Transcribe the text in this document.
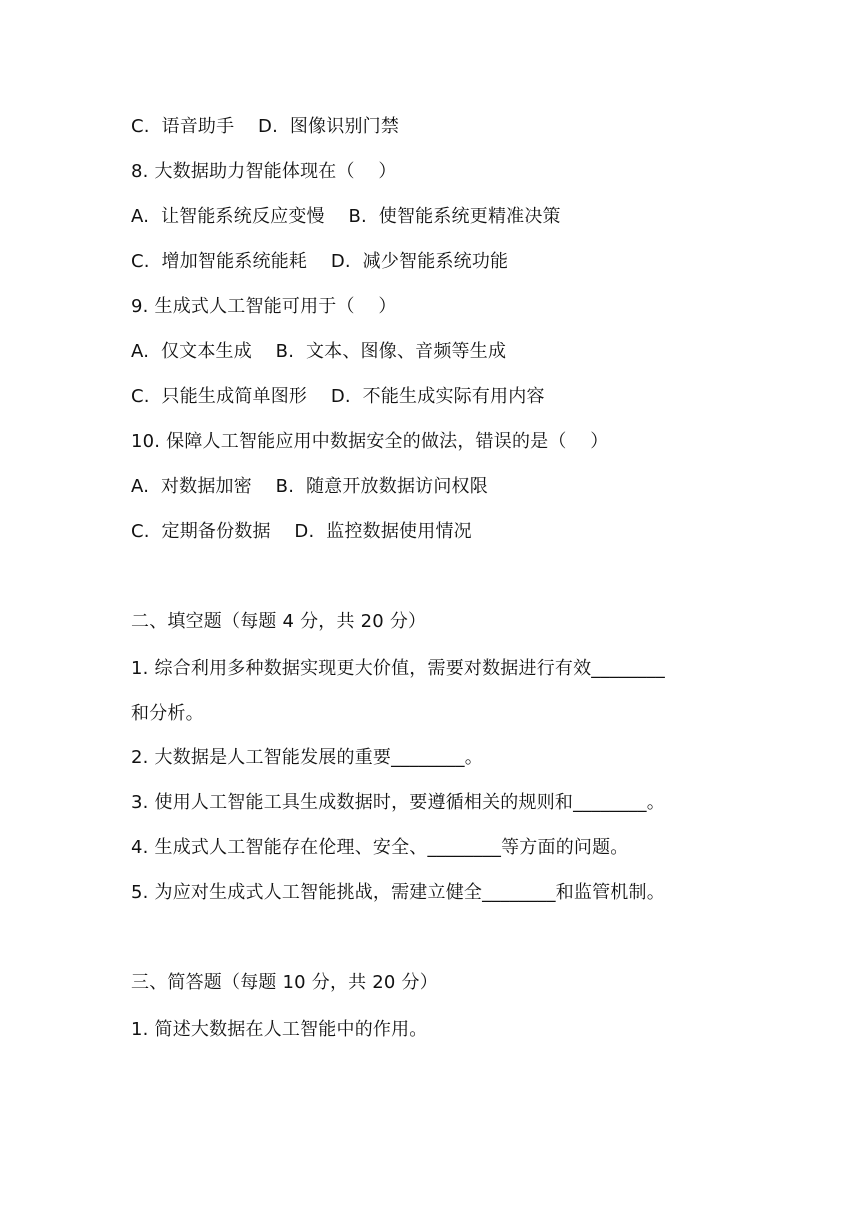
C.  语音助手    D.  图像识别门禁
8. 大数据助力智能体现在（    ）
A.  让智能系统反应变慢    B.  使智能系统更精准决策
C.  增加智能系统能耗    D.  减少智能系统功能
9. 生成式人工智能可用于（    ）
A.  仅文本生成    B.  文本、图像、音频等生成
C.  只能生成简单图形    D.  不能生成实际有用内容
10. 保障人工智能应用中数据安全的做法，错误的是（    ）
A.  对数据加密    B.  随意开放数据访问权限
C.  定期备份数据    D.  监控数据使用情况
二、填空题（每题 4 分，共 20 分）
1. 综合利用多种数据实现更大价值，需要对数据进行有效________
和分析。
2. 大数据是人工智能发展的重要________。
3. 使用人工智能工具生成数据时，要遵循相关的规则和________。
4. 生成式人工智能存在伦理、安全、________等方面的问题。
5. 为应对生成式人工智能挑战，需建立健全________和监管机制。
三、简答题（每题 10 分，共 20 分）
1. 简述大数据在人工智能中的作用。
